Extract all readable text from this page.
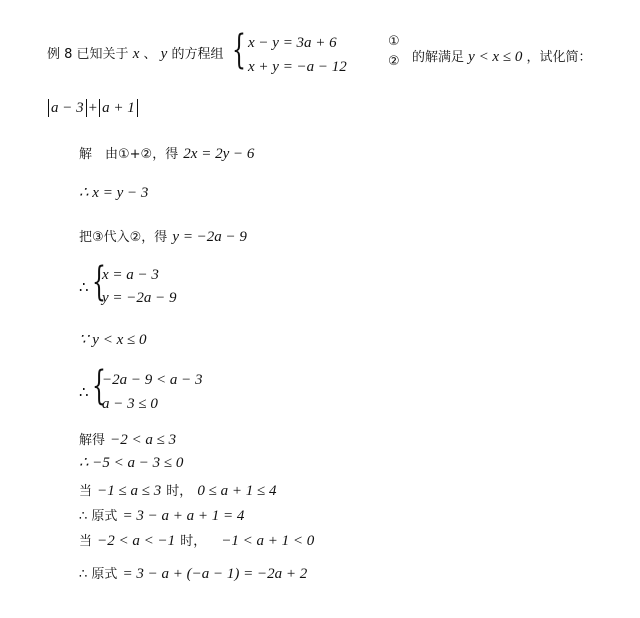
例 8 已知关于 x 、 y 的方程组 { x − y = 3a + 6
x + y = −a − 12
①
② 的解满足 y < x ≤ 0 ，试化简：
a − 3 + a + 1
解　由①+②，得 2x = 2y − 6
∴ x = y − 3
把③代入②，得 y = −2a − 9
∴ {
x = a − 3
y = −2a − 9
∵ y < x ≤ 0
∴ {
−2a − 9 < a − 3
a − 3 ≤ 0
解得 −2 < a ≤ 3
∴ −5 < a − 3 ≤ 0
当 −1 ≤ a ≤ 3 时， 0 ≤ a + 1 ≤ 4
∴ 原式 = 3 − a + a + 1 = 4
当 −2 < a < −1 时， −1 < a + 1 < 0
∴ 原式 = 3 − a + (−a − 1) = −2a + 2
